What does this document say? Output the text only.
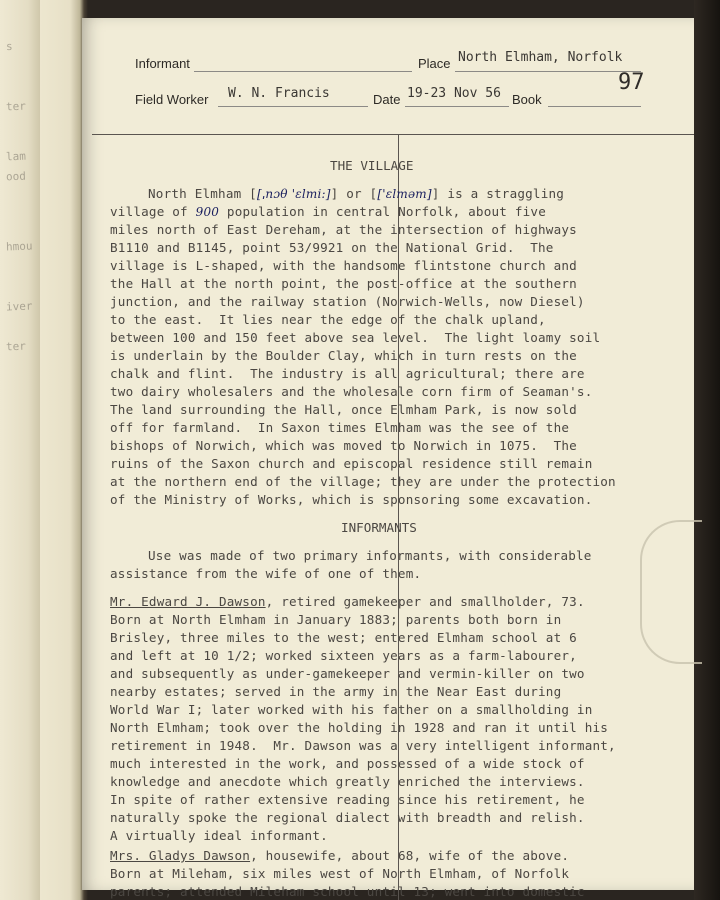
s
ter
lam
ood
hmou
iver
ter
Informant	Place North Elmham, Norfolk
Field Worker W. N. Francis	Date 19-23 Nov 56 Book
97
THE VILLAGE
North Elmham [[ˌnɔθ 'ɛlmi:]] or [['ɛlməm]] is a straggling
village of 900 population in central Norfolk, about five
miles north of East Dereham, at the intersection of highways
B1110 and B1145, point 53/9921 on the National Grid.  The
village is L-shaped, with the handsome flintstone church and
the Hall at the north point, the post-office at the southern
junction, and the railway station (Norwich-Wells, now Diesel)
to the east.  It lies near the edge of the chalk upland,
between 100 and 150 feet above sea level.  The light loamy soil
is underlain by the Boulder Clay, which in turn rests on the
chalk and flint.  The industry is all agricultural; there are
two dairy wholesalers and the wholesale corn firm of Seaman's.
The land surrounding the Hall, once Elmham Park, is now sold
off for farmland.  In Saxon times Elmham was the see of the
bishops of Norwich, which was moved to Norwich in 1075.  The
ruins of the Saxon church and episcopal residence still remain
at the northern end of the village; they are under the protection
of the Ministry of Works, which is sponsoring some excavation.
INFORMANTS
Use was made of two primary informants, with considerable
assistance from the wife of one of them.
Mr. Edward J. Dawson, retired gamekeeper and smallholder, 73.
Born at North Elmham in January 1883; parents both born in
Brisley, three miles to the west; entered Elmham school at 6
and left at 10 1/2; worked sixteen years as a farm-labourer,
and subsequently as under-gamekeeper and vermin-killer on two
nearby estates; served in the army in the Near East during
World War I; later worked with his father on a smallholding in
North Elmham; took over the holding in 1928 and ran it until his
retirement in 1948.  Mr. Dawson was a very intelligent informant,
much interested in the work, and possessed of a wide stock of
knowledge and anecdote which greatly enriched the interviews.
In spite of rather extensive reading since his retirement, he
naturally spoke the regional dialect with breadth and relish.
A virtually ideal informant.
Mrs. Gladys Dawson, housewife, about 68, wife of the above.
Born at Mileham, six miles west of North Elmham, of Norfolk
parents; attended Mileham school until 13; went into domestic
